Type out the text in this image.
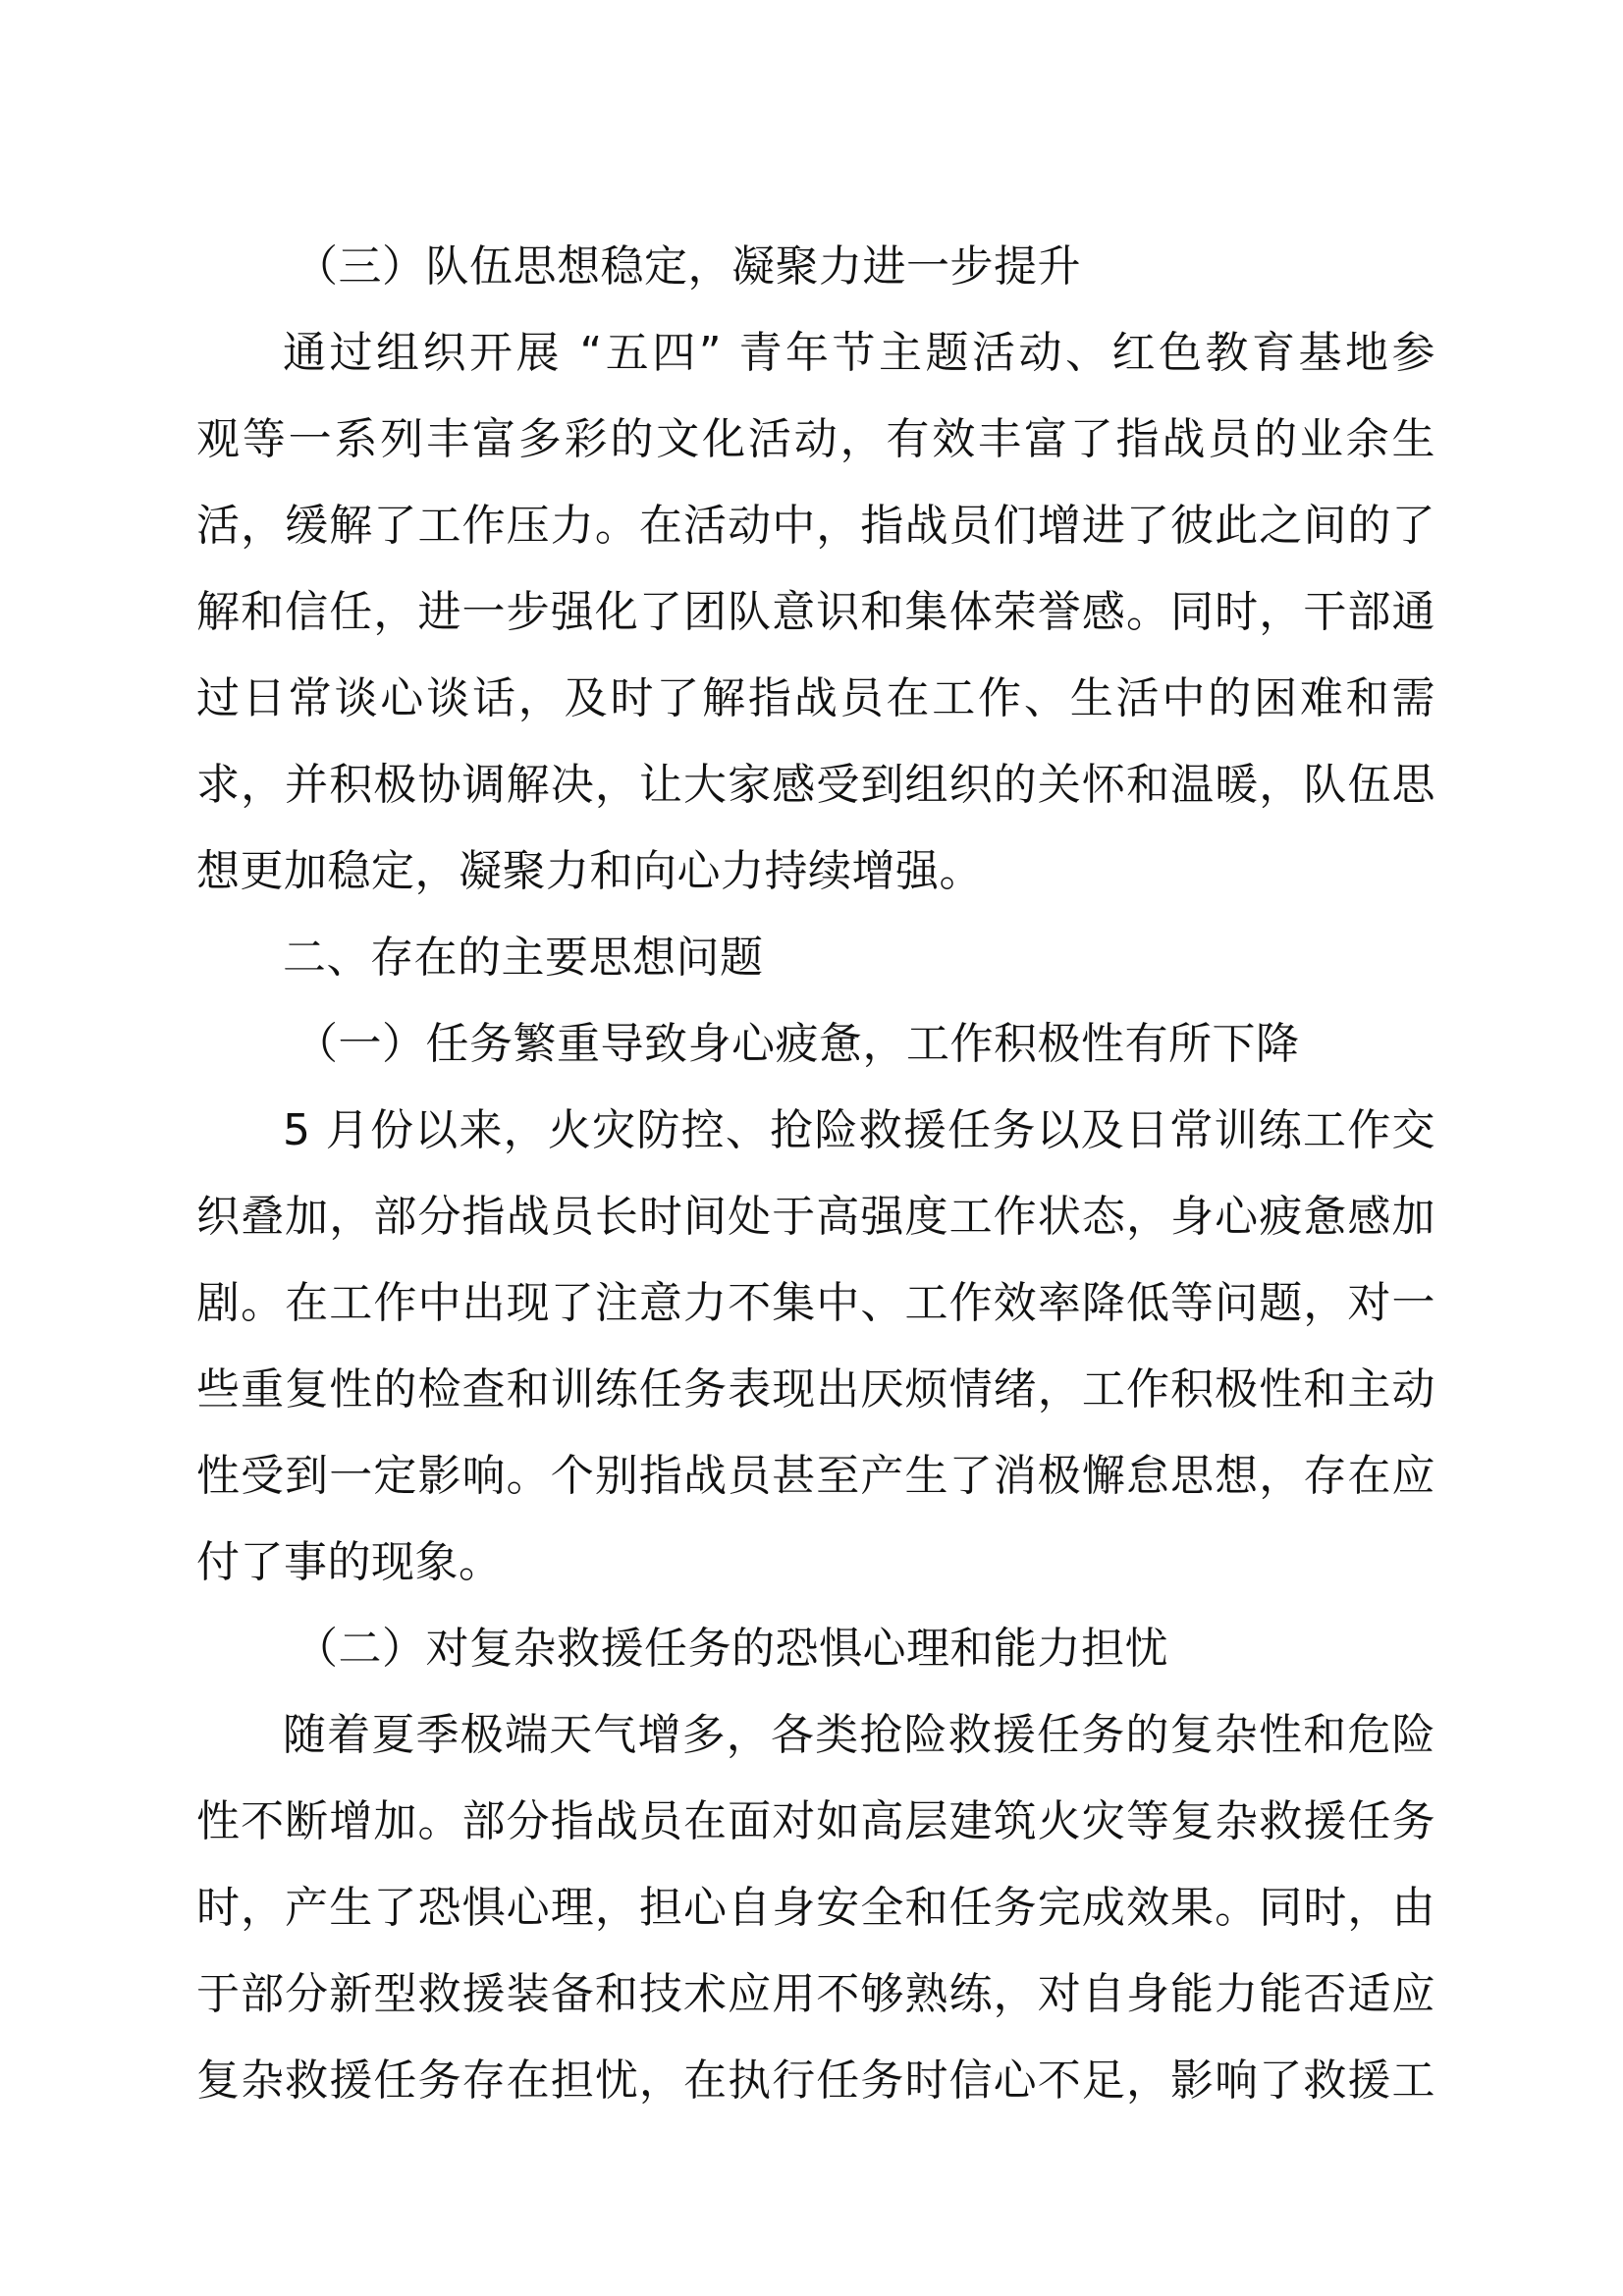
（三）队伍思想稳定，凝聚力进一步提升
通过组织开展 “五四” 青年节主题活动、红色教育基地参
观等一系列丰富多彩的文化活动，有效丰富了指战员的业余生
活，缓解了工作压力。在活动中，指战员们增进了彼此之间的了
解和信任，进一步强化了团队意识和集体荣誉感。同时，干部通
过日常谈心谈话，及时了解指战员在工作、生活中的困难和需
求，并积极协调解决，让大家感受到组织的关怀和温暖，队伍思
想更加稳定，凝聚力和向心力持续增强。
二、存在的主要思想问题
（一）任务繁重导致身心疲惫，工作积极性有所下降
5 月份以来，火灾防控、抢险救援任务以及日常训练工作交
织叠加，部分指战员长时间处于高强度工作状态，身心疲惫感加
剧。在工作中出现了注意力不集中、工作效率降低等问题，对一
些重复性的检查和训练任务表现出厌烦情绪，工作积极性和主动
性受到一定影响。个别指战员甚至产生了消极懈怠思想，存在应
付了事的现象。
（二）对复杂救援任务的恐惧心理和能力担忧
随着夏季极端天气增多，各类抢险救援任务的复杂性和危险
性不断增加。部分指战员在面对如高层建筑火灾等复杂救援任务
时，产生了恐惧心理，担心自身安全和任务完成效果。同时，由
于部分新型救援装备和技术应用不够熟练，对自身能力能否适应
复杂救援任务存在担忧，在执行任务时信心不足，影响了救援工
